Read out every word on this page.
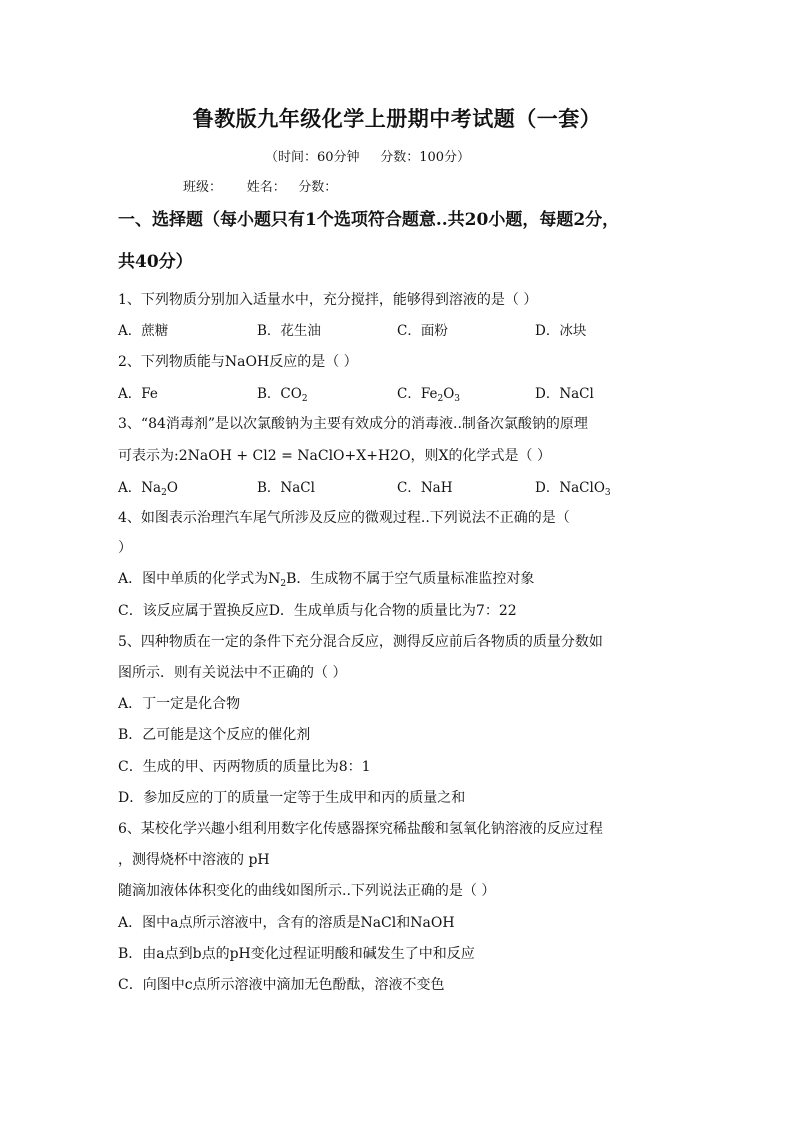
鲁教版九年级化学上册期中考试题（一套）
（时间：60分钟     分数：100分）
班级：      姓名：   分数：
一、选择题（每小题只有1个选项符合题意..共20小题，每题2分，
共40分）
1、下列物质分别加入适量水中，充分搅拌，能够得到溶液的是（ ）
A．蔗糖	B．花生油	C．面粉	D．冰块
2、下列物质能与NaOH反应的是（ ）
A．Fe	B．$CO_2$	C．$Fe_2O_3$	D．NaCl
3、“84消毒剂”是以次氯酸钠为主要有效成分的消毒液..制备次氯酸钠的原理
可表示为:2NaOH + Cl2 = NaClO+X+H2O，则X的化学式是（ ）
A．$Na_2O$	B．NaCl	C．NaH	D．NaClO$_3$
4、如图表示治理汽车尾气所涉及反应的微观过程..下列说法不正确的是（
）
A．图中单质的化学式为$N_2B$．生成物不属于空气质量标准监控对象
C．该反应属于置换反应D．生成单质与化合物的质量比为7：22
5、四种物质在一定的条件下充分混合反应，测得反应前后各物质的质量分数如
图所示．则有关说法中不正确的（ ）
A．丁一定是化合物
B．乙可能是这个反应的催化剂
C．生成的甲、丙两物质的质量比为8：1
D．参加反应的丁的质量一定等于生成甲和丙的质量之和
6、某校化学兴趣小组利用数字化传感器探究稀盐酸和氢氧化钠溶液的反应过程
，测得烧杯中溶液的 pH
随滴加液体体积变化的曲线如图所示..下列说法正确的是（ ）
A．图中a点所示溶液中，含有的溶质是NaCl和NaOH
B．由a点到b点的pH变化过程证明酸和碱发生了中和反应
C．向图中c点所示溶液中滴加无色酚酞，溶液不变色
